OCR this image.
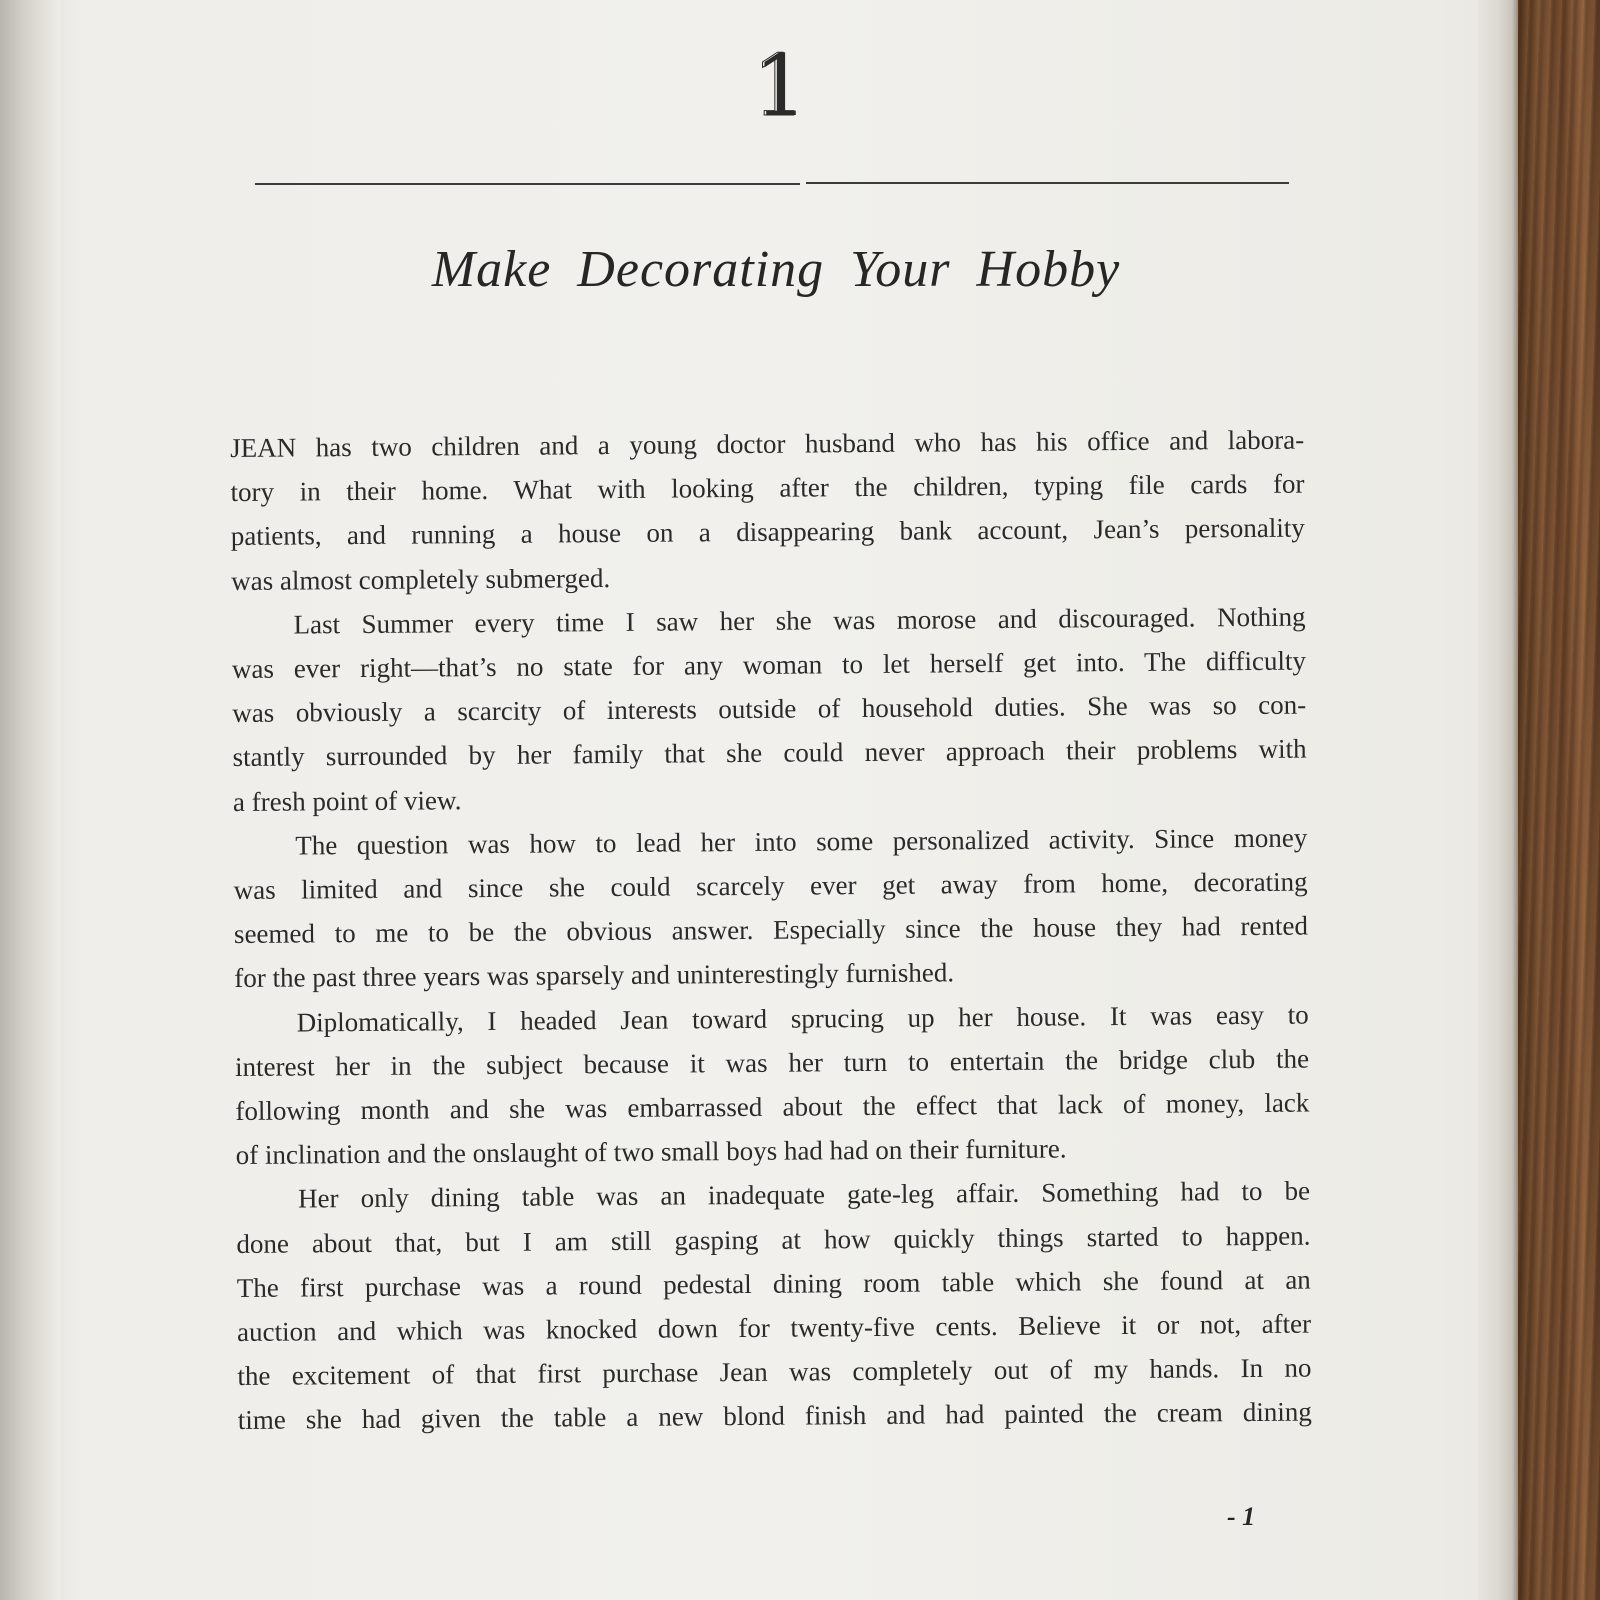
1
Make Decorating Your Hobby

JEAN has two children and a young doctor husband who has his office and labora-
tory in their home. What with looking after the children, typing file cards for
patients, and running a house on a disappearing bank account, Jean’s personality
was almost completely submerged.

Last Summer every time I saw her she was morose and discouraged. Nothing
was ever right—that’s no state for any woman to let herself get into. The difficulty
was obviously a scarcity of interests outside of household duties. She was so con-
stantly surrounded by her family that she could never approach their problems with
a fresh point of view.

The question was how to lead her into some personalized activity. Since money
was limited and since she could scarcely ever get away from home, decorating
seemed to me to be the obvious answer. Especially since the house they had rented
for the past three years was sparsely and uninterestingly furnished.

Diplomatically, I headed Jean toward sprucing up her house. It was easy to
interest her in the subject because it was her turn to entertain the bridge club the
following month and she was embarrassed about the effect that lack of money, lack
of inclination and the onslaught of two small boys had had on their furniture.

Her only dining table was an inadequate gate-leg affair. Something had to be
done about that, but I am still gasping at how quickly things started to happen.
The first purchase was a round pedestal dining room table which she found at an
auction and which was knocked down for twenty-five cents. Believe it or not, after
the excitement of that first purchase Jean was completely out of my hands. In no
time she had given the table a new blond finish and had painted the cream dining

- 1
